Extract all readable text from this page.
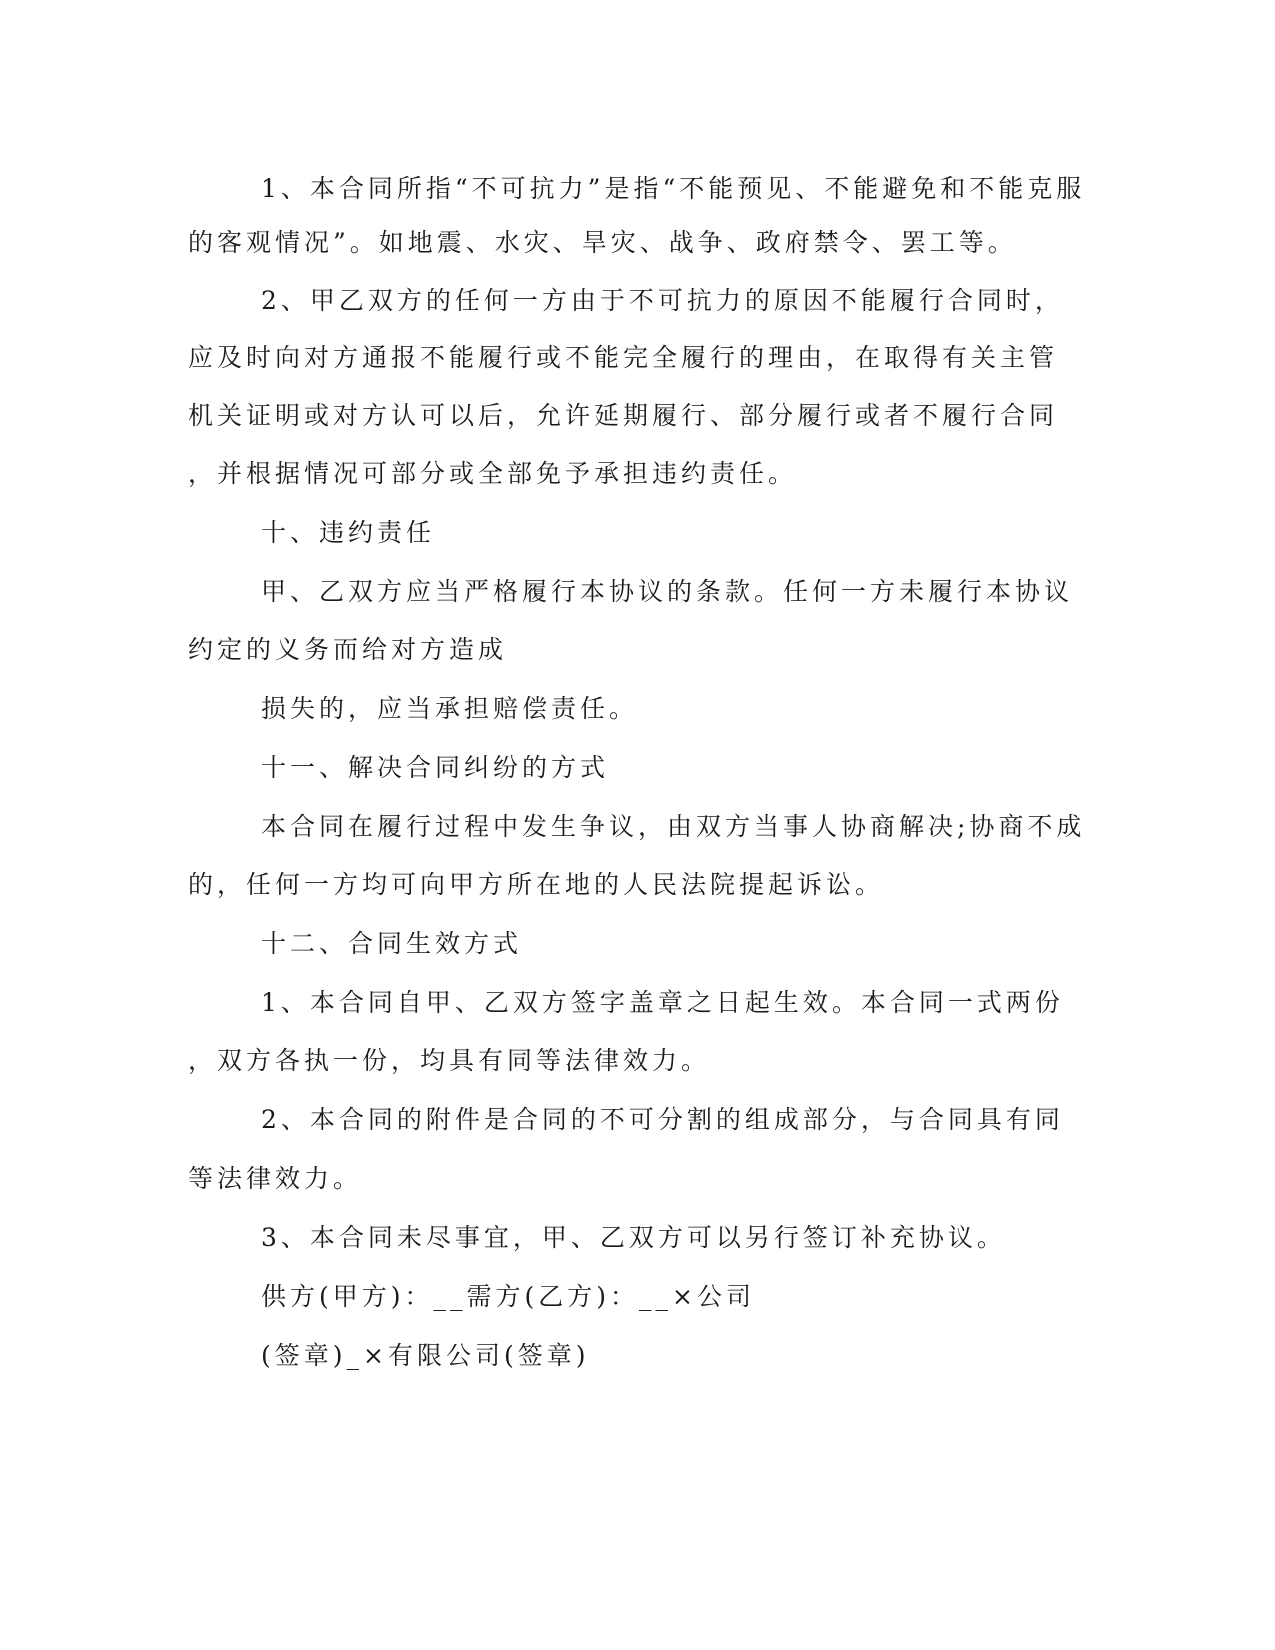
1、本合同所指“不可抗力”是指“不能预见、不能避免和不能克服
的客观情况”。如地震、水灾、旱灾、战争、政府禁令、罢工等。
2、甲乙双方的任何一方由于不可抗力的原因不能履行合同时，
应及时向对方通报不能履行或不能完全履行的理由，在取得有关主管
机关证明或对方认可以后，允许延期履行、部分履行或者不履行合同
，并根据情况可部分或全部免予承担违约责任。
十、违约责任
甲、乙双方应当严格履行本协议的条款。任何一方未履行本协议
约定的义务而给对方造成
损失的，应当承担赔偿责任。
十一、解决合同纠纷的方式
本合同在履行过程中发生争议，由双方当事人协商解决;协商不成
的，任何一方均可向甲方所在地的人民法院提起诉讼。
十二、合同生效方式
1、本合同自甲、乙双方签字盖章之日起生效。本合同一式两份
，双方各执一份，均具有同等法律效力。
2、本合同的附件是合同的不可分割的组成部分，与合同具有同
等法律效力。
3、本合同未尽事宜，甲、乙双方可以另行签订补充协议。
供方(甲方)：__需方(乙方)：__×公司
(签章)_×有限公司(签章)
